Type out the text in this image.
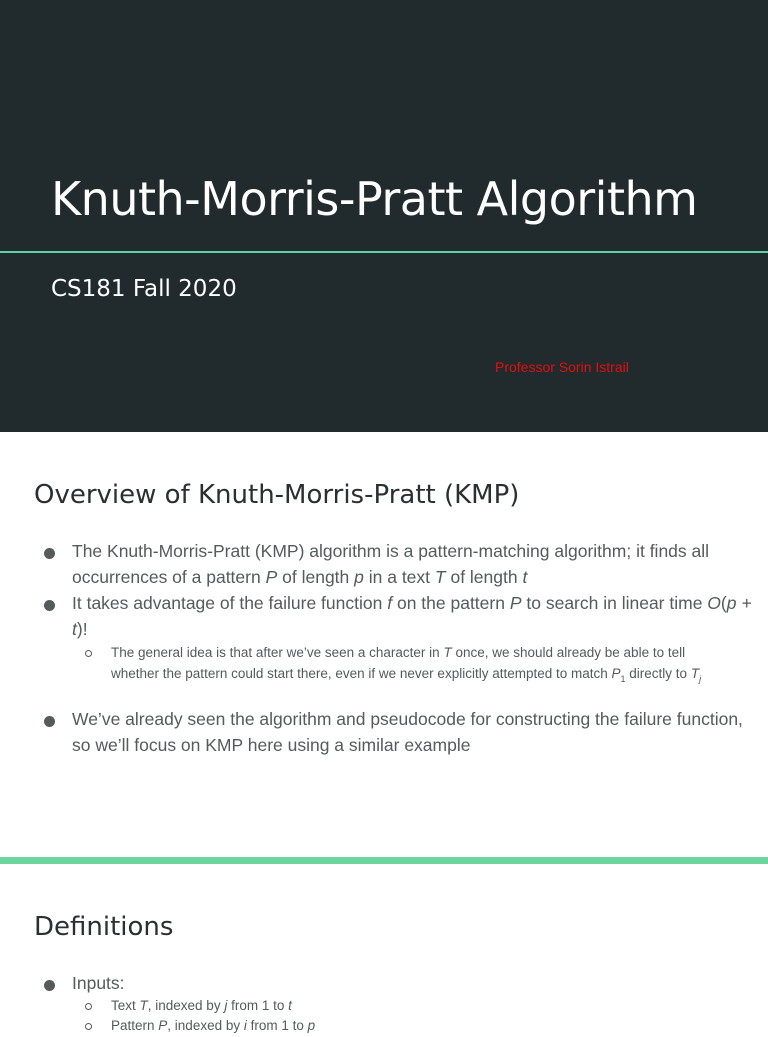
Knuth-Morris-Pratt Algorithm
CS181 Fall 2020
Professor Sorin Istrail
Overview of Knuth-Morris-Pratt (KMP)
The Knuth-Morris-Pratt (KMP) algorithm is a pattern-matching algorithm; it finds all occurrences of a pattern P of length p in a text T of length t
It takes advantage of the failure function f on the pattern P to search in linear time O(p + t)!
The general idea is that after we’ve seen a character in T once, we should already be able to tell whether the pattern could start there, even if we never explicitly attempted to match $P_1$ directly to $T_j$
We’ve already seen the algorithm and pseudocode for constructing the failure function, so we’ll focus on KMP here using a similar example
Definitions
Inputs:
Text T, indexed by j from 1 to t
Pattern P, indexed by i from 1 to p
